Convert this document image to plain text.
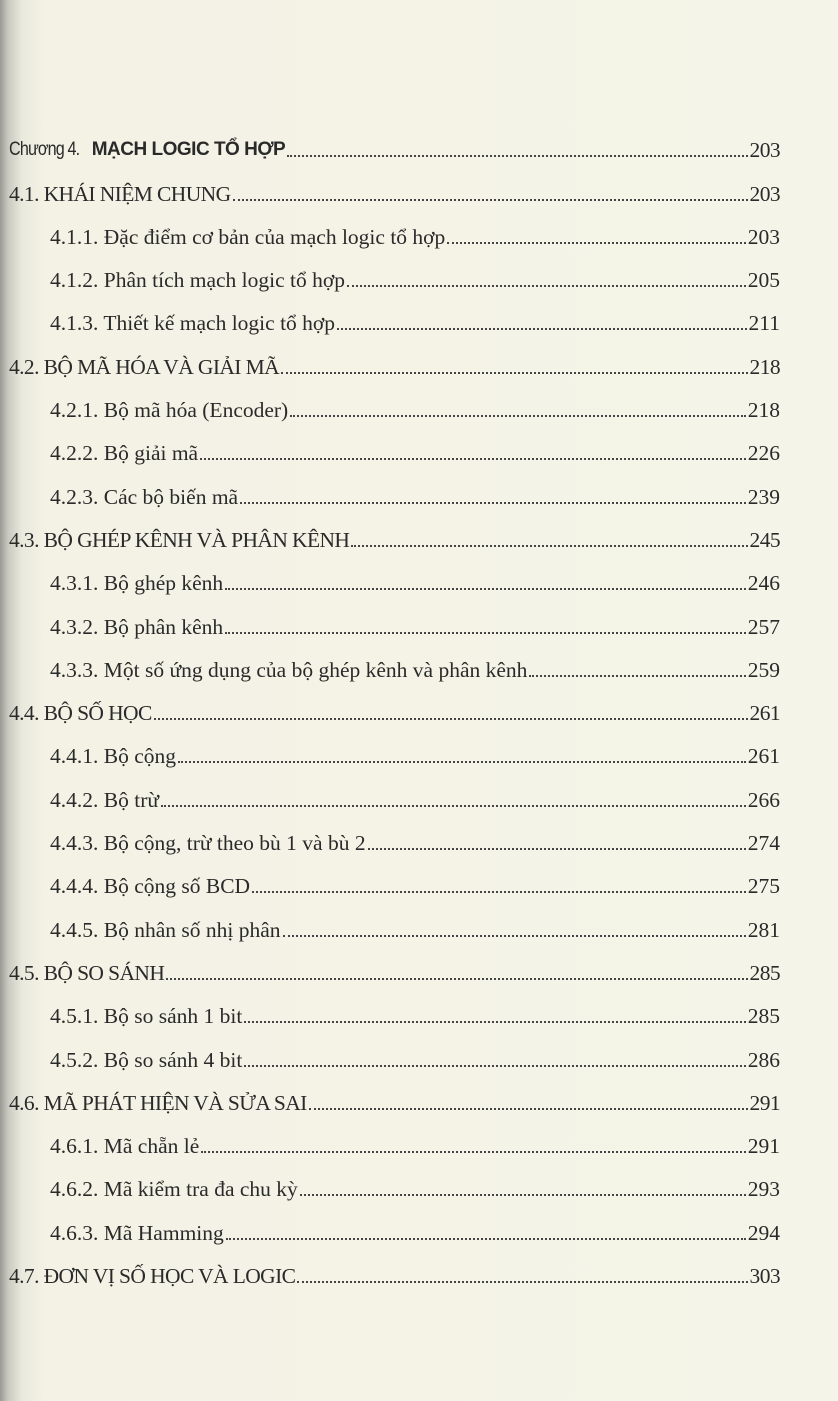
Chương 4.MẠCH LOGIC TỔ HỢP	203
4.1. KHÁI NIỆM CHUNG	203
4.1.1. Đặc điểm cơ bản của mạch logic tổ hợp	203
4.1.2. Phân tích mạch logic tổ hợp	205
4.1.3. Thiết kế mạch logic tổ hợp	211
4.2. BỘ MÃ HÓA VÀ GIẢI MÃ	218
4.2.1. Bộ mã hóa (Encoder)	218
4.2.2. Bộ giải mã	226
4.2.3. Các bộ biến mã	239
4.3. BỘ GHÉP KÊNH VÀ PHÂN KÊNH	245
4.3.1. Bộ ghép kênh	246
4.3.2. Bộ phân kênh	257
4.3.3. Một số ứng dụng của bộ ghép kênh và phân kênh	259
4.4. BỘ SỐ HỌC	261
4.4.1. Bộ cộng	261
4.4.2. Bộ trừ	266
4.4.3. Bộ cộng, trừ theo bù 1 và bù 2	274
4.4.4. Bộ cộng số BCD	275
4.4.5. Bộ nhân số nhị phân	281
4.5. BỘ SO SÁNH	285
4.5.1. Bộ so sánh 1 bit	285
4.5.2. Bộ so sánh 4 bit	286
4.6. MÃ PHÁT HIỆN VÀ SỬA SAI	291
4.6.1. Mã chẵn lẻ	291
4.6.2. Mã kiểm tra đa chu kỳ	293
4.6.3. Mã Hamming	294
4.7. ĐƠN VỊ SỐ HỌC VÀ LOGIC	303
